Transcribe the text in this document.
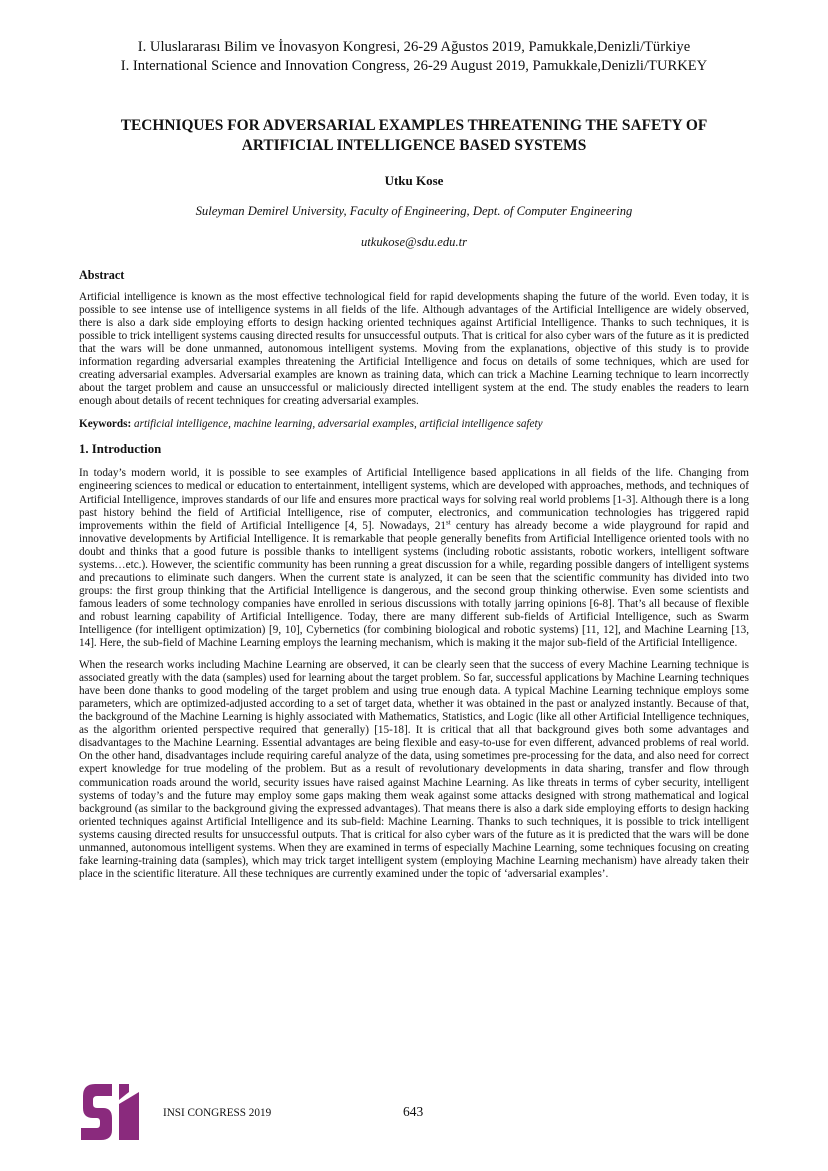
I. Uluslararası Bilim ve İnovasyon Kongresi, 26-29 Ağustos 2019, Pamukkale,Denizli/Türkiye
I. International Science and Innovation Congress, 26-29 August 2019, Pamukkale,Denizli/TURKEY
TECHNIQUES FOR ADVERSARIAL EXAMPLES THREATENING THE SAFETY OF
ARTIFICIAL INTELLIGENCE BASED SYSTEMS
Utku Kose
Suleyman Demirel University, Faculty of Engineering, Dept. of Computer Engineering
utkukose@sdu.edu.tr
Abstract

Artificial intelligence is known as the most effective technological field for rapid developments shaping the future of the world. Even today, it is possible to see intense use of intelligence systems in all fields of the life. Although advantages of the Artificial Intelligence are widely observed, there is also a dark side employing efforts to design hacking oriented techniques against Artificial Intelligence. Thanks to such techniques, it is possible to trick intelligent systems causing directed results for unsuccessful outputs. That is critical for also cyber wars of the future as it is predicted that the wars will be done unmanned, autonomous intelligent systems. Moving from the explanations, objective of this study is to provide information regarding adversarial examples threatening the Artificial Intelligence and focus on details of some techniques, which are used for creating adversarial examples. Adversarial examples are known as training data, which can trick a Machine Learning technique to learn incorrectly about the target problem and cause an unsuccessful or maliciously directed intelligent system at the end. The study enables the readers to learn enough about details of recent techniques for creating adversarial examples.

Keywords: artificial intelligence, machine learning, adversarial examples, artificial intelligence safety
1. Introduction

In today’s modern world, it is possible to see examples of Artificial Intelligence based applications in all fields of the life. Changing from engineering sciences to medical or education to entertainment, intelligent systems, which are developed with approaches, methods, and techniques of Artificial Intelligence, improves standards of our life and ensures more practical ways for solving real world problems [1-3]. Although there is a long past history behind the field of Artificial Intelligence, rise of computer, electronics, and communication technologies has triggered rapid improvements within the field of Artificial Intelligence [4, 5]. Nowadays, 21st century has already become a wide playground for rapid and innovative developments by Artificial Intelligence. It is remarkable that people generally benefits from Artificial Intelligence oriented tools with no doubt and thinks that a good future is possible thanks to intelligent systems (including robotic assistants, robotic workers, intelligent software systems…etc.). However, the scientific community has been running a great discussion for a while, regarding possible dangers of intelligent systems and precautions to eliminate such dangers. When the current state is analyzed, it can be seen that the scientific community has divided into two groups: the first group thinking that the Artificial Intelligence is dangerous, and the second group thinking otherwise. Even some scientists and famous leaders of some technology companies have enrolled in serious discussions with totally jarring opinions [6-8]. That’s all because of flexible and robust learning capability of Artificial Intelligence. Today, there are many different sub-fields of Artificial Intelligence, such as Swarm Intelligence (for intelligent optimization) [9, 10], Cybernetics (for combining biological and robotic systems) [11, 12], and Machine Learning [13, 14]. Here, the sub-field of Machine Learning employs the learning mechanism, which is making it the major sub-field of the Artificial Intelligence.

When the research works including Machine Learning are observed, it can be clearly seen that the success of every Machine Learning technique is associated greatly with the data (samples) used for learning about the target problem. So far, successful applications by Machine Learning techniques have been done thanks to good modeling of the target problem and using true enough data. A typical Machine Learning technique employs some parameters, which are optimized-adjusted according to a set of target data, whether it was obtained in the past or analyzed instantly. Because of that, the background of the Machine Learning is highly associated with Mathematics, Statistics, and Logic (like all other Artificial Intelligence techniques, as the algorithm oriented perspective required that generally) [15-18]. It is critical that all that background gives both some advantages and disadvantages to the Machine Learning. Essential advantages are being flexible and easy-to-use for even different, advanced problems of real world. On the other hand, disadvantages include requiring careful analyze of the data, using sometimes pre-processing for the data, and also need for correct expert knowledge for true modeling of the problem. But as a result of revolutionary developments in data sharing, transfer and flow through communication roads around the world, security issues have raised against Machine Learning. As like threats in terms of cyber security, intelligent systems of today’s and the future may employ some gaps making them weak against some attacks designed with strong mathematical and logical background (as similar to the background giving the expressed advantages). That means there is also a dark side employing efforts to design hacking oriented techniques against Artificial Intelligence and its sub-field: Machine Learning. Thanks to such techniques, it is possible to trick intelligent systems causing directed results for unsuccessful outputs. That is critical for also cyber wars of the future as it is predicted that the wars will be done unmanned, autonomous intelligent systems. When they are examined in terms of especially Machine Learning, some techniques focusing on creating fake learning-training data (samples), which may trick target intelligent system (employing Machine Learning mechanism) have already taken their place in the scientific literature. All these techniques are currently examined under the topic of ‘adversarial examples’.

INSI CONGRESS 2019	643
